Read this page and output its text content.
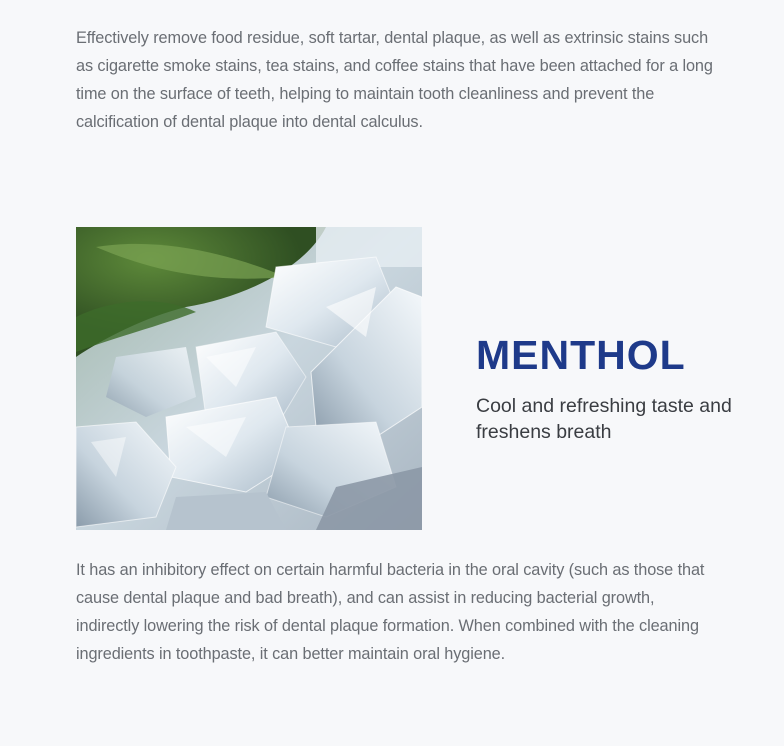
Effectively remove food residue, soft tartar, dental plaque, as well as extrinsic stains such as cigarette smoke stains, tea stains, and coffee stains that have been attached for a long time on the surface of teeth, helping to maintain tooth cleanliness and prevent the calcification of dental plaque into dental calculus.

MENTHOL
Cool and refreshing taste and freshens breath

It has an inhibitory effect on certain harmful bacteria in the oral cavity (such as those that cause dental plaque and bad breath), and can assist in reducing bacterial growth, indirectly lowering the risk of dental plaque formation. When combined with the cleaning ingredients in toothpaste, it can better maintain oral hygiene.
